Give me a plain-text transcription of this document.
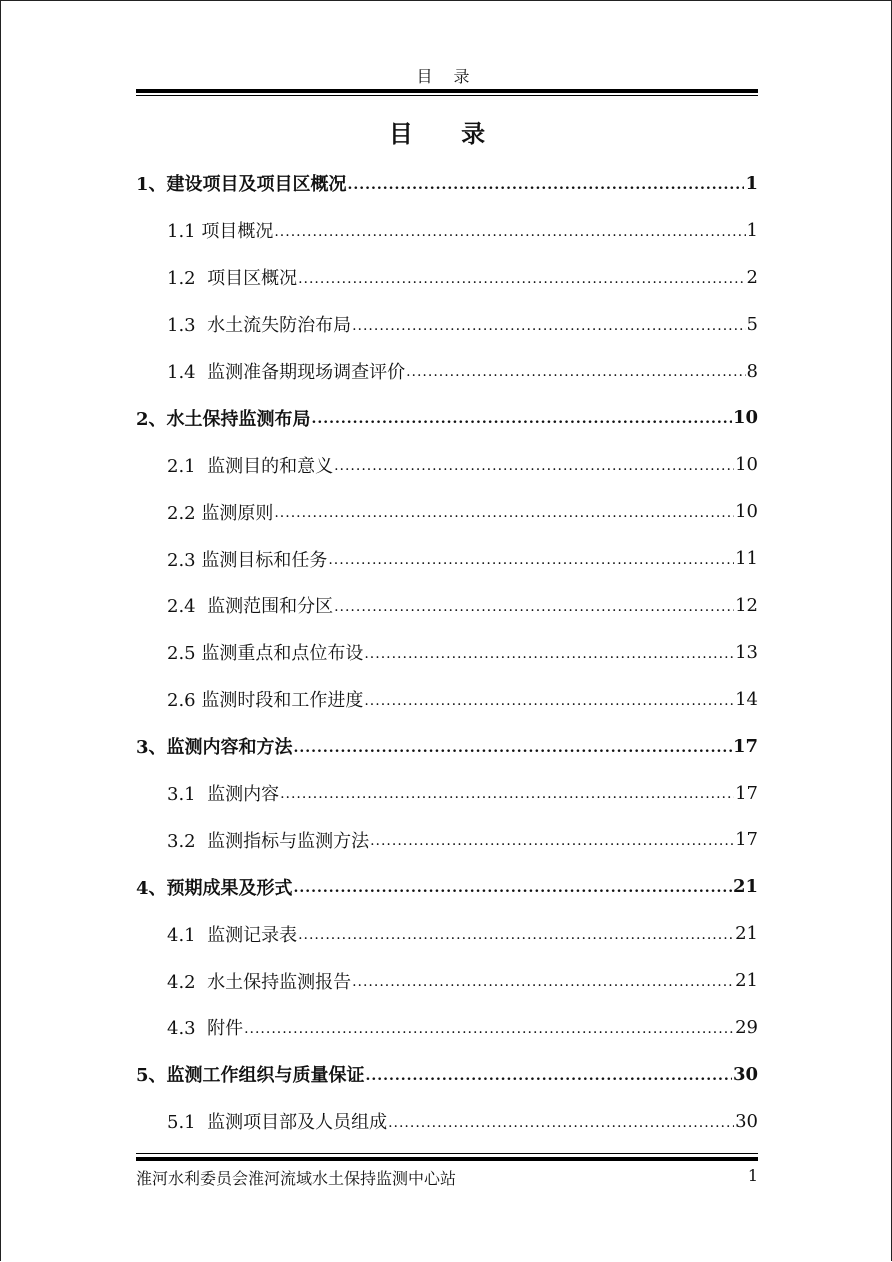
目 录
目 录
1、建设项目及项目区概况 .....	1
1.1 项目概况 .....	1
1.2  项目区概况 .....	2
1.3  水土流失防治布局 .....	5
1.4  监测准备期现场调查评价 .....	8
2、水土保持监测布局 .....	10
2.1  监测目的和意义 .....	10
2.2 监测原则 .....	10
2.3 监测目标和任务 .....	11
2.4  监测范围和分区 .....	12
2.5 监测重点和点位布设 .....	13
2.6 监测时段和工作进度 .....	14
3、监测内容和方法 .....	17
3.1  监测内容 .....	17
3.2  监测指标与监测方法 .....	17
4、预期成果及形式 .....	21
4.1  监测记录表 .....	21
4.2  水土保持监测报告 .....	21
4.3  附件 .....	29
5、监测工作组织与质量保证 .....	30
5.1  监测项目部及人员组成 .....	30
淮河水利委员会淮河流域水土保持监测中心站	1
